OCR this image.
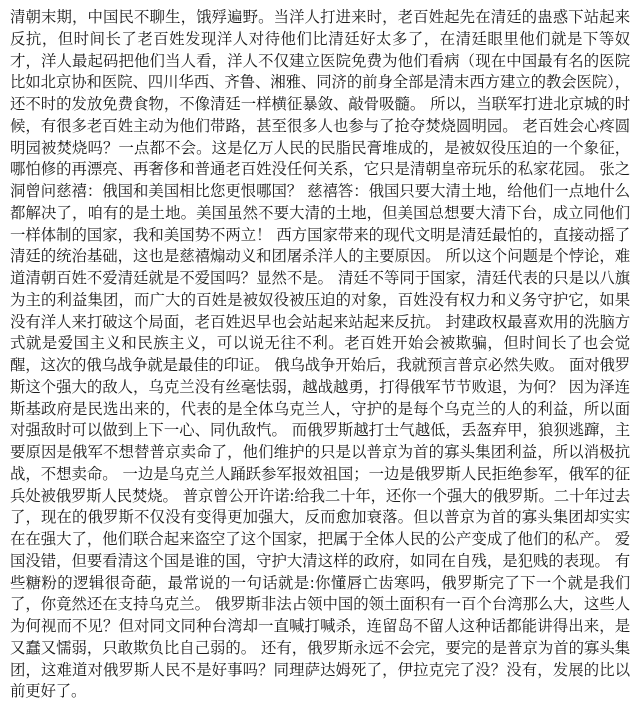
清朝末期，中国民不聊生，饿殍遍野。当洋人打进来时，老百姓起先在清廷的蛊惑下站起来反抗，但时间长了老百姓发现洋人对待他们比清廷好太多了，在清廷眼里他们就是下等奴才，洋人最起码把他们当人看，洋人不仅建立医院免费为他们看病（现在中国最有名的医院比如北京协和医院、四川华西、齐鲁、湘雅、同济的前身全部是清末西方建立的教会医院），还不时的发放免费食物，不像清廷一样横征暴敛、敲骨吸髓。 所以，当联军打进北京城的时候，有很多老百姓主动为他们带路，甚至很多人也参与了抢夺焚烧圆明园。 老百姓会心疼圆明园被焚烧吗？一点都不会。这是亿万人民的民脂民膏堆成的，是被奴役压迫的一个象征，哪怕修的再漂亮、再奢侈和普通老百姓没任何关系，它只是清朝皇帝玩乐的私家花园。 张之洞曾问慈禧：俄国和美国相比您更恨哪国？ 慈禧答：俄国只要大清土地，给他们一点地什么都解决了，咱有的是土地。美国虽然不要大清的土地，但美国总想要大清下台，成立同他们一样体制的国家，我和美国势不两立！ 西方国家带来的现代文明是清廷最怕的，直接动摇了清廷的统治基础，这也是慈禧煽动义和团屠杀洋人的主要原因。 所以这个问题是个悖论，难道清朝百姓不爱清廷就是不爱国吗？显然不是。 清廷不等同于国家，清廷代表的只是以八旗为主的利益集团，而广大的百姓是被奴役被压迫的对象，百姓没有权力和义务守护它，如果没有洋人来打破这个局面，老百姓迟早也会站起来站起来反抗。 封建政权最喜欢用的洗脑方式就是爱国主义和民族主义，可以说无往不利。老百姓开始会被欺骗，但时间长了也会觉醒，这次的俄乌战争就是最佳的印证。 俄乌战争开始后，我就预言普京必然失败。 面对俄罗斯这个强大的敌人，乌克兰没有丝毫怯弱，越战越勇，打得俄军节节败退，为何？ 因为泽连斯基政府是民选出来的，代表的是全体乌克兰人，守护的是每个乌克兰的人的利益，所以面对强敌时可以做到上下一心、同仇敌忾。 而俄罗斯越打士气越低，丢盔弃甲，狼狈逃蹿，主要原因是俄军不想替普京卖命了，他们维护的只是以普京为首的寡头集团利益，所以消极抗战，不想卖命。 一边是乌克兰人踊跃参军报效祖国；一边是俄罗斯人民拒绝参军，俄军的征兵处被俄罗斯人民焚烧。 普京曾公开许诺:给我二十年，还你一个强大的俄罗斯。二十年过去了，现在的俄罗斯不仅没有变得更加强大，反而愈加衰落。但以普京为首的寡头集团却实实在在强大了，他们联合起来盗空了这个国家，把属于全体人民的公产变成了他们的私产。 爱国没错，但要看清这个国是谁的国，守护大清这样的政府，如同在自残，是犯贱的表现。 有些糖粉的逻辑很奇葩，最常说的一句话就是:你懂唇亡齿寒吗，俄罗斯完了下一个就是我们了，你竟然还在支持乌克兰。 俄罗斯非法占领中国的领土面积有一百个台湾那么大，这些人为何视而不见？但对同文同种台湾却一直喊打喊杀，连留岛不留人这种话都能讲得出来，是又蠢又懦弱，只敢欺负比自己弱的。 还有，俄罗斯永远不会完，要完的是普京为首的寡头集团，这难道对俄罗斯人民不是好事吗？同理萨达姆死了，伊拉克完了没？没有，发展的比以前更好了。
